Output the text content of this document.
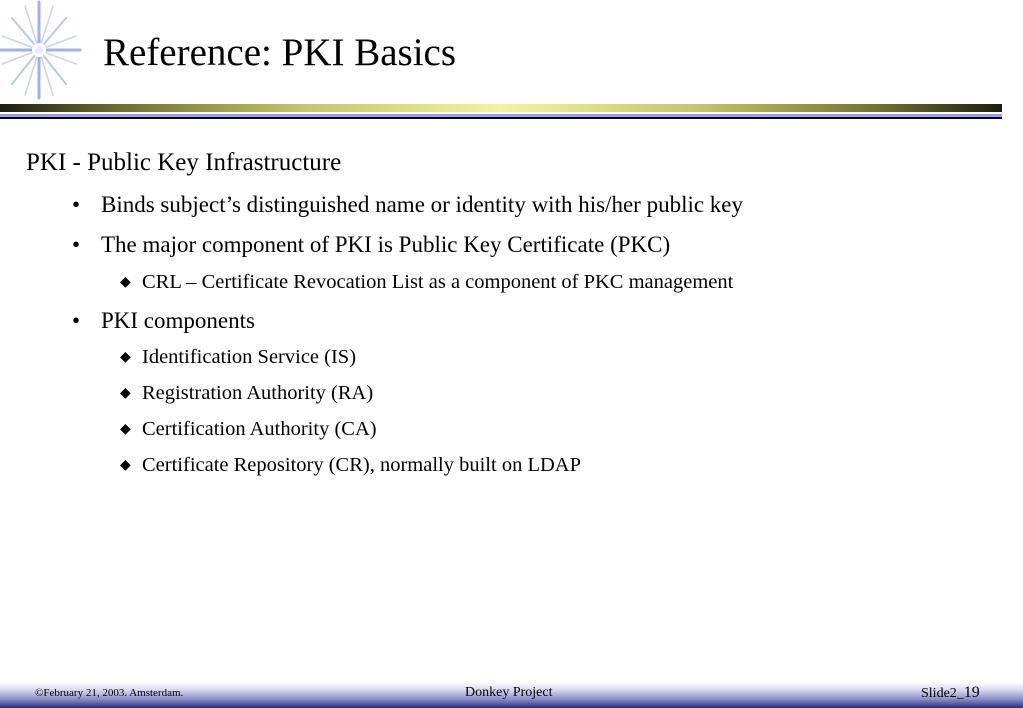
Reference: PKI Basics
PKI - Public Key Infrastructure
• Binds subject’s distinguished name or identity with his/her public key
• The major component of PKI is Public Key Certificate (PKC)
◆ CRL – Certificate Revocation List as a component of PKC management
• PKI components
◆ Identification Service (IS)
◆ Registration Authority (RA)
◆ Certification Authority (CA)
◆ Certificate Repository (CR), normally built on LDAP
©February 21, 2003. Amsterdam.	Donkey Project	Slide2_19
